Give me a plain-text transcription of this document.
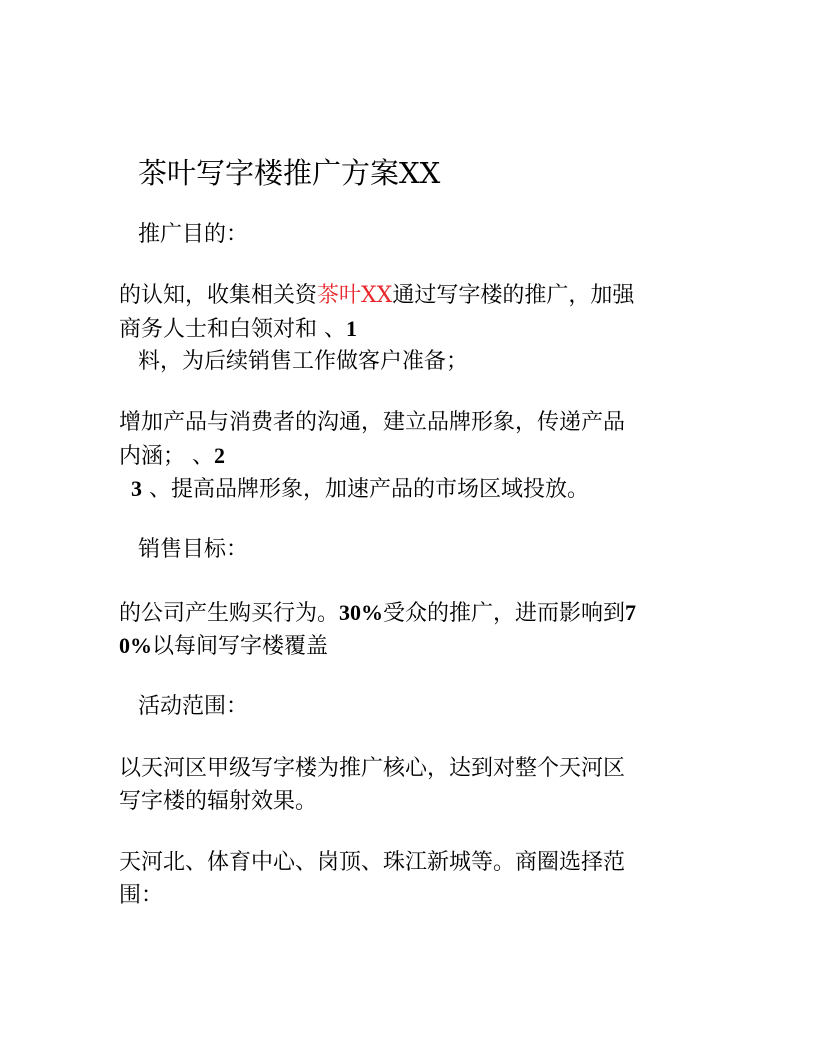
茶叶写字楼推广方案XX
推广目的：
的认知，收集相关资茶叶XX通过写字楼的推广，加强
商务人士和白领对和 、1
料，为后续销售工作做客户准备；
增加产品与消费者的沟通，建立品牌形象，传递产品
内涵； 、2
3 、提高品牌形象，加速产品的市场区域投放。
销售目标：
的公司产生购买行为。30%受众的推广，进而影响到7
0%以每间写字楼覆盖
活动范围：
以天河区甲级写字楼为推广核心，达到对整个天河区
写字楼的辐射效果。
天河北、体育中心、岗顶、珠江新城等。商圈选择范
围：
